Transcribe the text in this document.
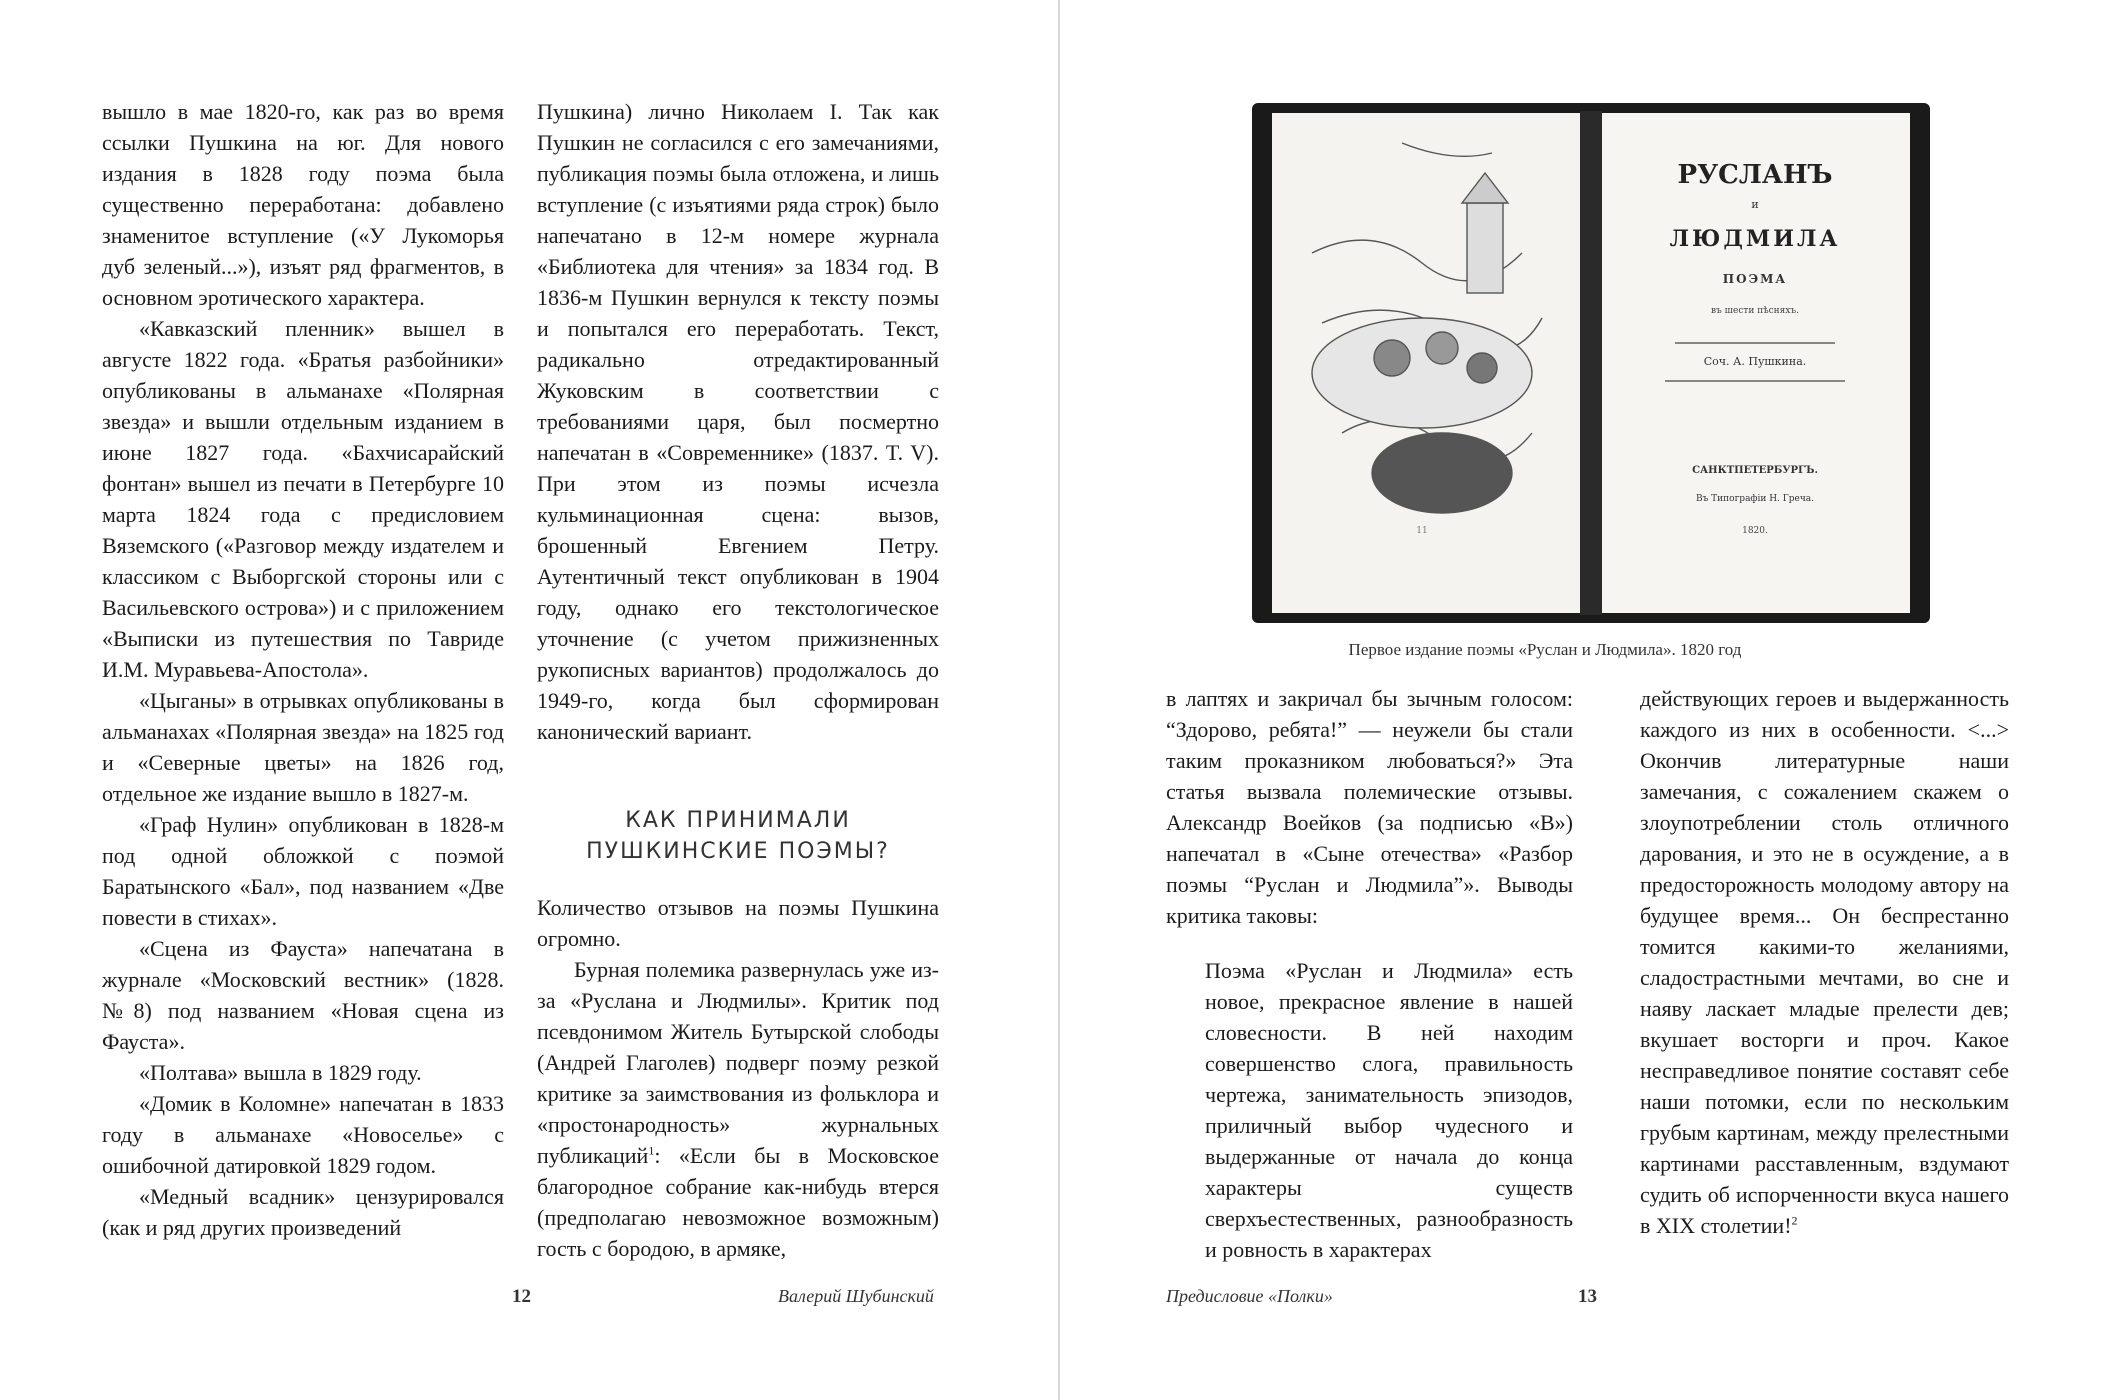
вышло в мае 1820-го, как раз во время ссылки Пушкина на юг. Для нового издания в 1828 году поэма была существенно переработана: добавлено знаменитое вступление («У Лукоморья дуб зеленый...»), изъят ряд фрагментов, в основном эротического характера.

«Кавказский пленник» вышел в августе 1822 года. «Братья разбойники» опубликованы в альманахе «Полярная звезда» и вышли отдельным изданием в июне 1827 года. «Бахчисарайский фонтан» вышел из печати в Петербурге 10 марта 1824 года с предисловием Вяземского («Разговор между издателем и классиком с Выборгской стороны или с Васильевского острова») и с приложением «Выписки из путешествия по Тавриде И.М. Муравьева-Апостола».

«Цыганы» в отрывках опубликованы в альманахах «Полярная звезда» на 1825 год и «Северные цветы» на 1826 год, отдельное же издание вышло в 1827-м.

«Граф Нулин» опубликован в 1828-м под одной обложкой с поэмой Баратынского «Бал», под названием «Две повести в стихах».

«Сцена из Фауста» напечатана в журнале «Московский вестник» (1828. №8) под названием «Новая сцена из Фауста».

«Полтава» вышла в 1829 году.

«Домик в Коломне» напечатан в 1833 году в альманахе «Новоселье» с ошибочной датировкой 1829 годом.

«Медный всадник» цензурировался (как и ряд других произведений

Пушкина) лично Николаем I. Так как Пушкин не согласился с его замечаниями, публикация поэмы была отложена, и лишь вступление (с изъятиями ряда строк) было напечатано в 12-м номере журнала «Библиотека для чтения» за 1834 год. В 1836-м Пушкин вернулся к тексту поэмы и попытался его переработать. Текст, радикально отредактированный Жуковским в соответствии с требованиями царя, был посмертно напечатан в «Современнике» (1837. T. V). При этом из поэмы исчезла кульминационная сцена: вызов, брошенный Евгением Петру. Аутентичный текст опубликован в 1904 году, однако его текстологическое уточнение (с учетом прижизненных рукописных вариантов) продолжалось до 1949-го, когда был сформирован канонический вариант.

КАК ПРИНИМАЛИ

ПУШКИНСКИЕ ПОЭМЫ?

Количество отзывов на поэмы Пушкина огромно.

Бурная полемика развернулась уже из-за «Руслана и Людмилы». Критик под псевдонимом Житель Бутырской слободы (Андрей Глаголев) подверг поэму резкой критике за заимствования из фольклора и «простонародность» журнальных публикаций$^1$: «Если бы в Московское благородное собрание как-нибудь втерся (предполагаю невозможное возможным) гость с бородою, в армяке,

12	Валерий Шубинский
11
РУСЛАНЪ
и
ЛЮДМИЛА
ПОЭМА
въ шести пѣсняхъ.
Соч. А. Пушкина.
САНКТПЕТЕРБУРГЪ.
Въ Типографіи Н. Греча.
1820.
Первое издание поэмы «Руслан и Людмила». 1820 год

в лаптях и закричал бы зычным голосом: “Здорово, ребята!” — неужели бы стали таким проказником любоваться?» Эта статья вызвала полемические отзывы. Александр Воейков (за подписью «В») напечатал в «Сыне отечества» «Разбор поэмы “Руслан и Людмила”». Выводы критика таковы:

Поэма «Руслан и Людмила» есть новое, прекрасное явление в нашей словесности. В ней находим совершенство слога, правильность чертежа, занимательность эпизодов, приличный выбор чудесного и выдержанные от начала до конца характеры существ сверхъестественных, разнообразность и ровность в характерах

действующих героев и выдержанность каждого из них в особенности. <...> Окончив литературные наши замечания, с сожалением скажем о злоупотреблении столь отличного дарования, и это не в осуждение, а в предосторожность молодому автору на будущее время... Он беспрестанно томится какими-то желаниями, сладострастными мечтами, во сне и наяву ласкает младые прелести дев; вкушает восторги и проч. Какое несправедливое понятие составят себе наши потомки, если по нескольким грубым картинам, между прелестными картинами расставленным, вздумают судить об испорченности вкуса нашего в XIX столетии!$^2$

Предисловие «Полки»	13
